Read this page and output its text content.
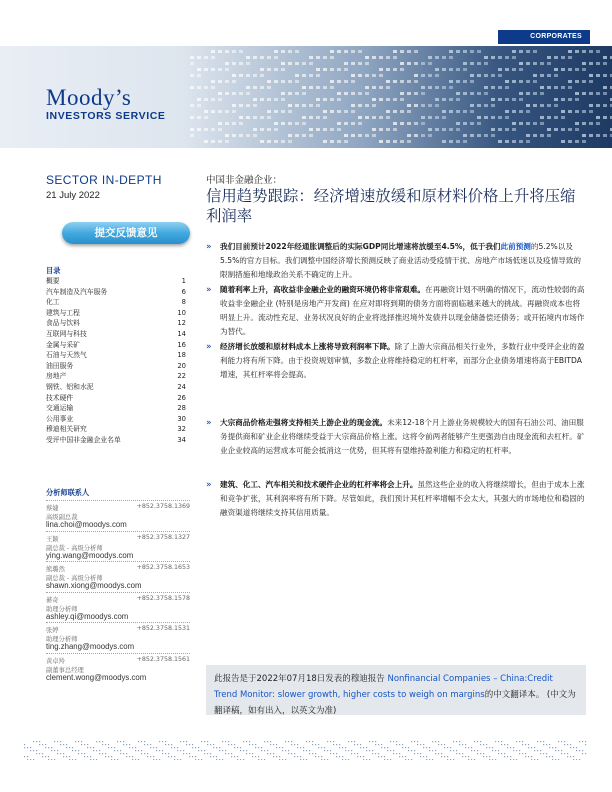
CORPORATES
Moody’s
INVESTORS SERVICE
SECTOR IN-DEPTH
21 July 2022
提交反馈意见
目录
概要	1
汽车制造及汽车服务	6
化工	8
建筑与工程	10
食品与饮料	12
互联网与科技	14
金属与采矿	16
石油与天然气	18
油田服务	20
房地产	22
钢铁、铝和水泥	24
技术硬件	26
交通运输	28
公用事业	30
穆迪相关研究	32
受评中国非金融企业名单	34
分析师联系人
蔡婕	+852.3758.1369
高级副总裁
lina.choi@moodys.com
王颖	+852.3758.1327
副总裁 - 高级分析师
ying.wang@moodys.com
熊璐然	+852.3758.1653
副总裁 - 高级分析师
shawn.xiong@moodys.com
綦奇	+852.3758.1578
助理分析师
ashley.qi@moodys.com
张婷	+852.3758.1531
助理分析师
ting.zhang@moodys.com
黄卓羚	+852.3758.1561
副董事总经理
clement.wong@moodys.com
中国非金融企业：
信用趋势跟踪：经济增速放缓和原材料价格上升将压缩利润率
» 我们目前预计2022年经通胀调整后的实际GDP同比增速将放缓至4.5%，低于我们此前预测的5.2%以及5.5%的官方目标。我们调整中国经济增长预测反映了商业活动受疫情干扰、房地产市场低迷以及疫情导致的限制措施和地缘政治关系不确定的上升。
» 随着利率上升，高收益非金融企业的融资环境仍将非常艰难。在再融资计划不明确的情况下，流动性较弱的高收益非金融企业 (特别是房地产开发商) 在应对即将到期的债务方面将面临越来越大的挑战。再融资成本也将明显上升。流动性充足、业务状况良好的企业将选择推迟境外发债并以现金储备偿还债务；或开拓境内市场作为替代。
» 经济增长放缓和原材料成本上涨将导致利润率下降。除了上游大宗商品相关行业外，多数行业中受评企业的盈利能力将有所下降。由于投资规划审慎，多数企业将维持稳定的杠杆率，而部分企业债务增速将高于EBITDA增速，其杠杆率将会提高。
» 大宗商品价格走强将支持相关上游企业的现金流。未来12-18个月上游业务规模较大的国有石油公司、油田服务提供商和矿业企业将继续受益于大宗商品价格上涨。这将令前两者能够产生更强劲自由现金流和去杠杆。矿业企业较高的运营成本可能会抵消这一优势，但其将有望维持盈利能力和稳定的杠杆率。
» 建筑、化工、汽车相关和技术硬件企业的杠杆率将会上升。虽然这些企业的收入将继续增长，但由于成本上涨和竞争扩张，其利润率将有所下降。尽管如此，我们预计其杠杆率增幅不会太大，其强大的市场地位和稳固的融资渠道将继续支持其信用质量。
此报告是于2022年07月18日发表的穆迪报告 Nonfinancial Companies – China:Credit Trend Monitor: slower growth, higher costs to weigh on margins的中文翻译本。 (中文为翻译稿，如有出入，以英文为准)
